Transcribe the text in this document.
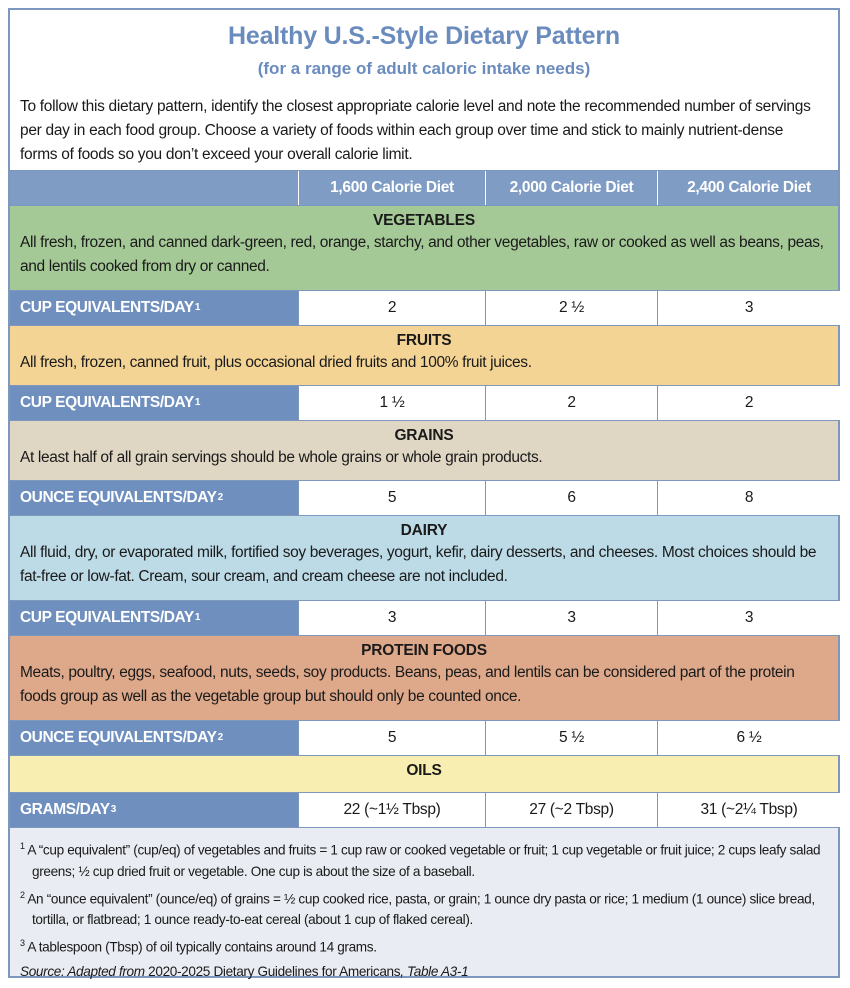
Healthy U.S.-Style Dietary Pattern
(for a range of adult caloric intake needs)
To follow this dietary pattern, identify the closest appropriate calorie level and note the recommended number of servings per day in each food group. Choose a variety of foods within each group over time and stick to mainly nutrient-dense forms of foods so you don’t exceed your overall calorie limit.
1,600 Calorie Diet	2,000 Calorie Diet	2,400 Calorie Diet
VEGETABLES
All fresh, frozen, and canned dark-green, red, orange, starchy, and other vegetables, raw or cooked as well as beans, peas, and lentils cooked from dry or canned.
CUP EQUIVALENTS/DAY$^1$	2	2 ½	3
FRUITS
All fresh, frozen, canned fruit, plus occasional dried fruits and 100% fruit juices.
CUP EQUIVALENTS/DAY$^1$	1 ½	2	2
GRAINS
At least half of all grain servings should be whole grains or whole grain products.
OUNCE EQUIVALENTS/DAY$^2$	5	6	8
DAIRY
All fluid, dry, or evaporated milk, fortified soy beverages, yogurt, kefir, dairy desserts, and cheeses. Most choices should be fat-free or low-fat. Cream, sour cream, and cream cheese are not included.
CUP EQUIVALENTS/DAY$^1$	3	3	3
PROTEIN FOODS
Meats, poultry, eggs, seafood, nuts, seeds, soy products. Beans, peas, and lentils can be considered part of the protein foods group as well as the vegetable group but should only be counted once.
OUNCE EQUIVALENTS/DAY$^2$	5	5 ½	6 ½
OILS
GRAMS/DAY$^3$	22 (~1½ Tbsp)	27 (~2 Tbsp)	31 (~2¼ Tbsp)
$^1$ A “cup equivalent” (cup/eq) of vegetables and fruits = 1 cup raw or cooked vegetable or fruit; 1 cup vegetable or fruit juice; 2 cups leafy salad greens; ½ cup dried fruit or vegetable. One cup is about the size of a baseball.
$^2$ An “ounce equivalent” (ounce/eq) of grains = ½ cup cooked rice, pasta, or grain; 1 ounce dry pasta or rice; 1 medium (1 ounce) slice bread, tortilla, or flatbread; 1 ounce ready-to-eat cereal (about 1 cup of flaked cereal).
$^3$ A tablespoon (Tbsp) of oil typically contains around 14 grams.
Source: Adapted from 2020-2025 Dietary Guidelines for Americans, Table A3-1
